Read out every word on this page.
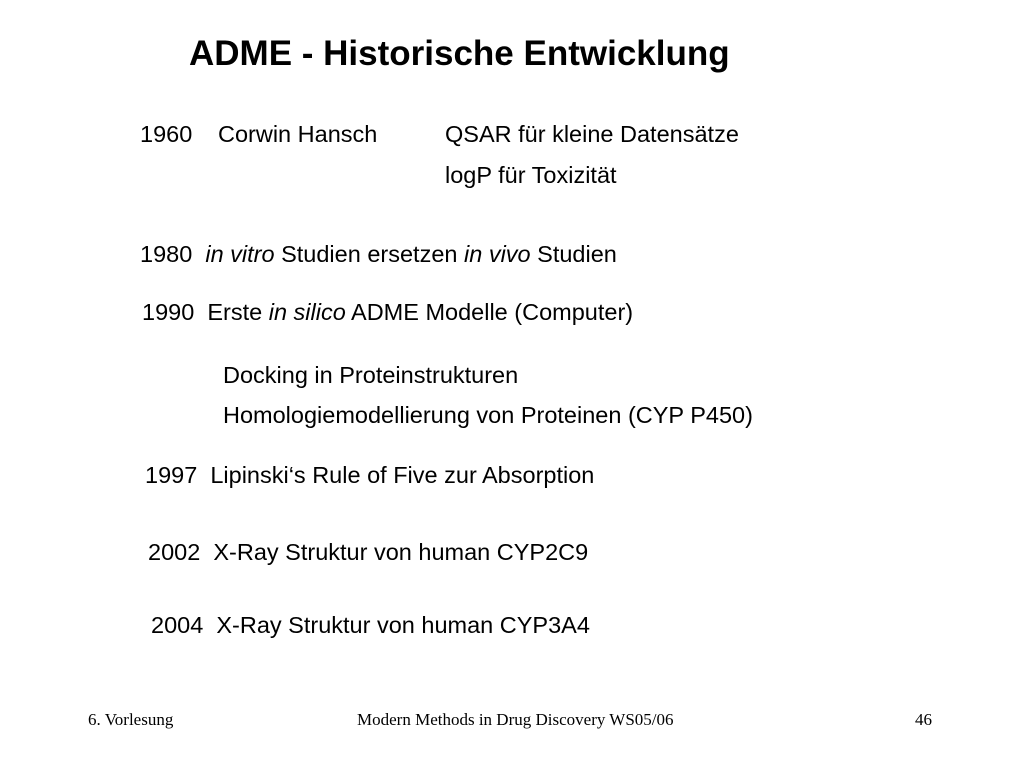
ADME - Historische Entwicklung
1960 Corwin Hansch	QSAR für kleine Datensätze
logP für Toxizität
1980 in vitro Studien ersetzen in vivo Studien
1990 Erste in silico ADME Modelle (Computer)
Docking in Proteinstrukturen
Homologiemodellierung von Proteinen (CYP P450)
1997 Lipinski‘s Rule of Five zur Absorption
2002 X-Ray Struktur von human CYP2C9
2004 X-Ray Struktur von human CYP3A4
6. Vorlesung	Modern Methods in Drug Discovery WS05/06	46
